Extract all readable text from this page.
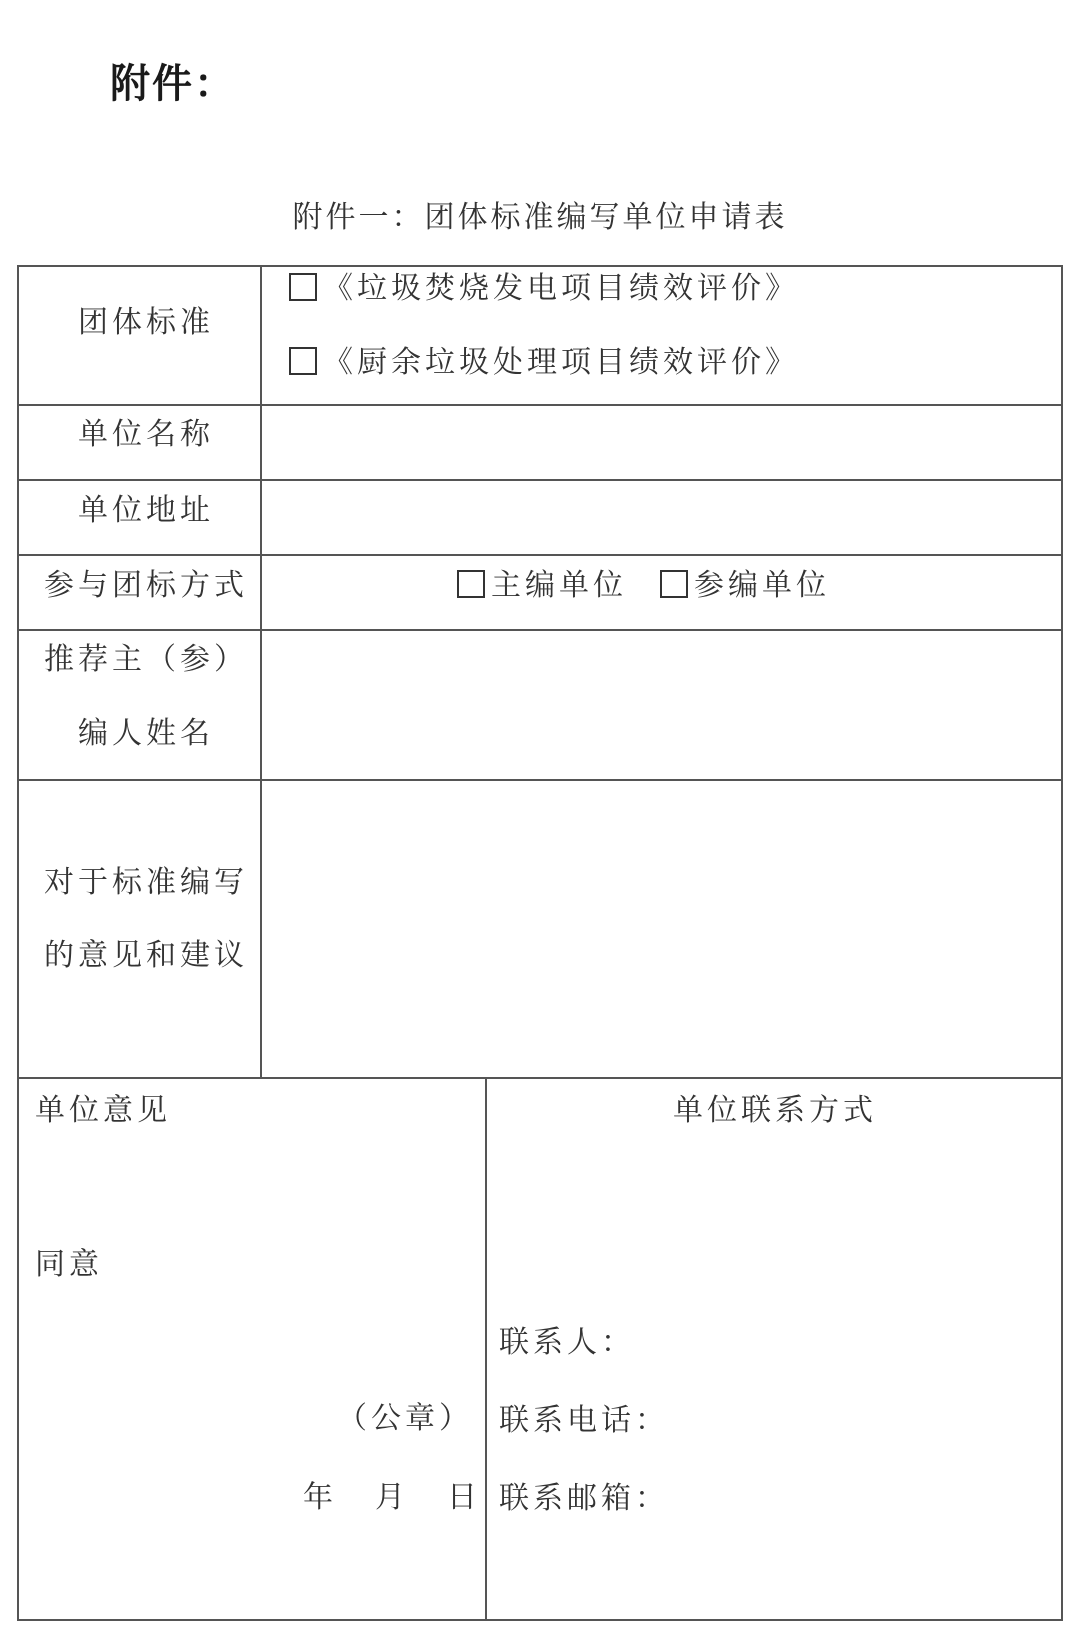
附件：
附件一：团体标准编写单位申请表
团体标准
《垃圾焚烧发电项目绩效评价》
《厨余垃圾处理项目绩效评价》
单位名称
单位地址
参与团标方式	主编单位	参编单位
推荐主（参）
编人姓名
对于标准编写
的意见和建议
单位意见
同意
（公章）
年　月　日
单位联系方式
联系人：
联系电话：
联系邮箱：
